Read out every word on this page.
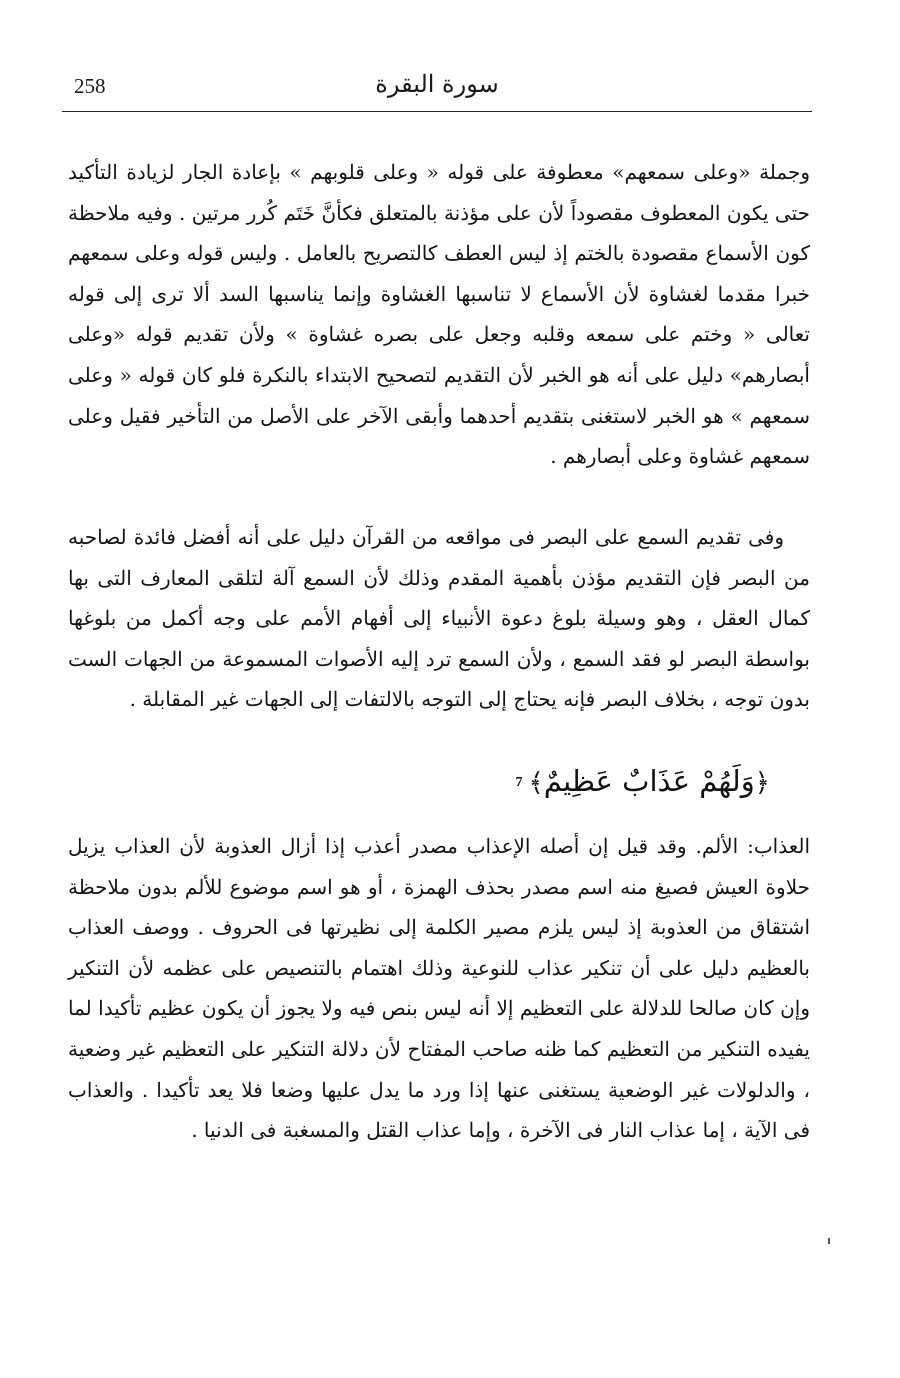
258	سورة البقرة

وجملة «وعلى سمعهم» معطوفة على قوله « وعلى قلوبهم » بإعادة الجار لزيادة التأكيد حتى يكون المعطوف مقصوداً لأن على مؤذنة بالمتعلق فكأنَّ خَتَم كُرر مرتين . وفيه ملاحظة كون الأسماع مقصودة بالختم إذ ليس العطف كالتصريح بالعامل . وليس قوله وعلى سمعهم خبرا مقدما لغشاوة لأن الأسماع لا تناسبها الغشاوة وإنما يناسبها السد ألا ترى إلى قوله تعالى « وختم على سمعه وقلبه وجعل على بصره غشاوة » ولأن تقديم قوله «وعلى أبصارهم» دليل على أنه هو الخبر لأن التقديم لتصحيح الابتداء بالنكرة فلو كان قوله « وعلى سمعهم » هو الخبر لاستغنى بتقديم أحدهما وأبقى الآخر على الأصل من التأخير فقيل وعلى سمعهم غشاوة وعلى أبصارهم .

وفى تقديم السمع على البصر فى مواقعه من القرآن دليل على أنه أفضل فائدة لصاحبه من البصر فإن التقديم مؤذن بأهمية المقدم وذلك لأن السمع آلة لتلقى المعارف التى بها كمال العقل ، وهو وسيلة بلوغ دعوة الأنبياء إلى أفهام الأمم على وجه أكمل من بلوغها بواسطة البصر لو فقد السمع ، ولأن السمع ترد إليه الأصوات المسموعة من الجهات الست بدون توجه ، بخلاف البصر فإنه يحتاج إلى التوجه بالالتفات إلى الجهات غير المقابلة .

﴿وَلَهُمْ عَذَابٌ عَظِيمٌ﴾7

العذاب: الألم. وقد قيل إن أصله الإعذاب مصدر أعذب إذا أزال العذوبة لأن العذاب يزيل حلاوة العيش فصيغ منه اسم مصدر بحذف الهمزة ، أو هو اسم موضوع للألم بدون ملاحظة اشتقاق من العذوبة إذ ليس يلزم مصير الكلمة إلى نظيرتها فى الحروف . ووصف العذاب بالعظيم دليل على أن تنكير عذاب للنوعية وذلك اهتمام بالتنصيص على عظمه لأن التنكير وإن كان صالحا للدلالة على التعظيم إلا أنه ليس بنص فيه ولا يجوز أن يكون عظيم تأكيدا لما يفيده التنكير من التعظيم كما ظنه صاحب المفتاح لأن دلالة التنكير على التعظيم غير وضعية ، والدلولات غير الوضعية يستغنى عنها إذا ورد ما يدل عليها وضعا فلا يعد تأكيدا . والعذاب فى الآية ، إما عذاب النار فى الآخرة ، وإما عذاب القتل والمسغبة فى الدنيا .
